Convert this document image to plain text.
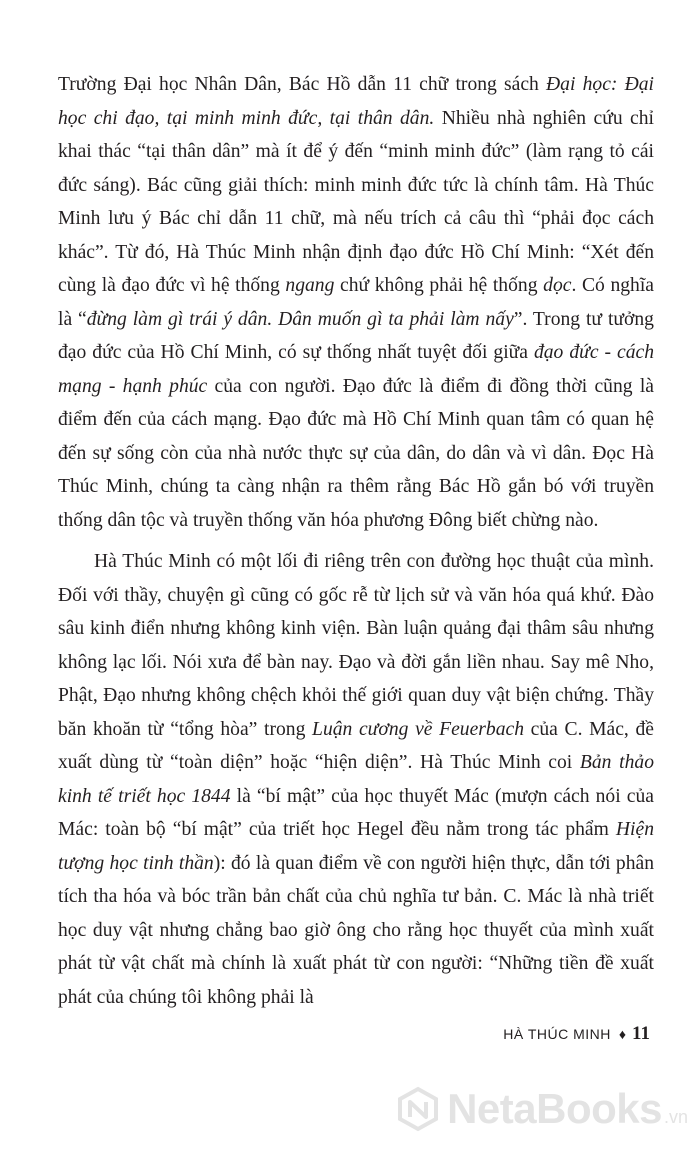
Trường Đại học Nhân Dân, Bác Hồ dẫn 11 chữ trong sách Đại học: Đại học chi đạo, tại minh minh đức, tại thân dân. Nhiều nhà nghiên cứu chỉ khai thác “tại thân dân” mà ít để ý đến “minh minh đức” (làm rạng tỏ cái đức sáng). Bác cũng giải thích: minh minh đức tức là chính tâm. Hà Thúc Minh lưu ý Bác chỉ dẫn 11 chữ, mà nếu trích cả câu thì “phải đọc cách khác”. Từ đó, Hà Thúc Minh nhận định đạo đức Hồ Chí Minh: “Xét đến cùng là đạo đức vì hệ thống ngang chứ không phải hệ thống dọc. Có nghĩa là “đừng làm gì trái ý dân. Dân muốn gì ta phải làm nấy”. Trong tư tưởng đạo đức của Hồ Chí Minh, có sự thống nhất tuyệt đối giữa đạo đức - cách mạng - hạnh phúc của con người. Đạo đức là điểm đi đồng thời cũng là điểm đến của cách mạng. Đạo đức mà Hồ Chí Minh quan tâm có quan hệ đến sự sống còn của nhà nước thực sự của dân, do dân và vì dân. Đọc Hà Thúc Minh, chúng ta càng nhận ra thêm rằng Bác Hồ gắn bó với truyền thống dân tộc và truyền thống văn hóa phương Đông biết chừng nào.

Hà Thúc Minh có một lối đi riêng trên con đường học thuật của mình. Đối với thầy, chuyện gì cũng có gốc rễ từ lịch sử và văn hóa quá khứ. Đào sâu kinh điển nhưng không kinh viện. Bàn luận quảng đại thâm sâu nhưng không lạc lối. Nói xưa để bàn nay. Đạo và đời gắn liền nhau. Say mê Nho, Phật, Đạo nhưng không chệch khỏi thế giới quan duy vật biện chứng. Thầy băn khoăn từ “tổng hòa” trong Luận cương về Feuerbach của C. Mác, đề xuất dùng từ “toàn diện” hoặc “hiện diện”. Hà Thúc Minh coi Bản thảo kinh tế triết học 1844 là “bí mật” của học thuyết Mác (mượn cách nói của Mác: toàn bộ “bí mật” của triết học Hegel đều nằm trong tác phẩm Hiện tượng học tinh thần): đó là quan điểm về con người hiện thực, dẫn tới phân tích tha hóa và bóc trần bản chất của chủ nghĩa tư bản. C. Mác là nhà triết học duy vật nhưng chẳng bao giờ ông cho rằng học thuyết của mình xuất phát từ vật chất mà chính là xuất phát từ con người: “Những tiền đề xuất phát của chúng tôi không phải là

HÀ THÚC MINH ♦ 11
NetaBooks .vn
